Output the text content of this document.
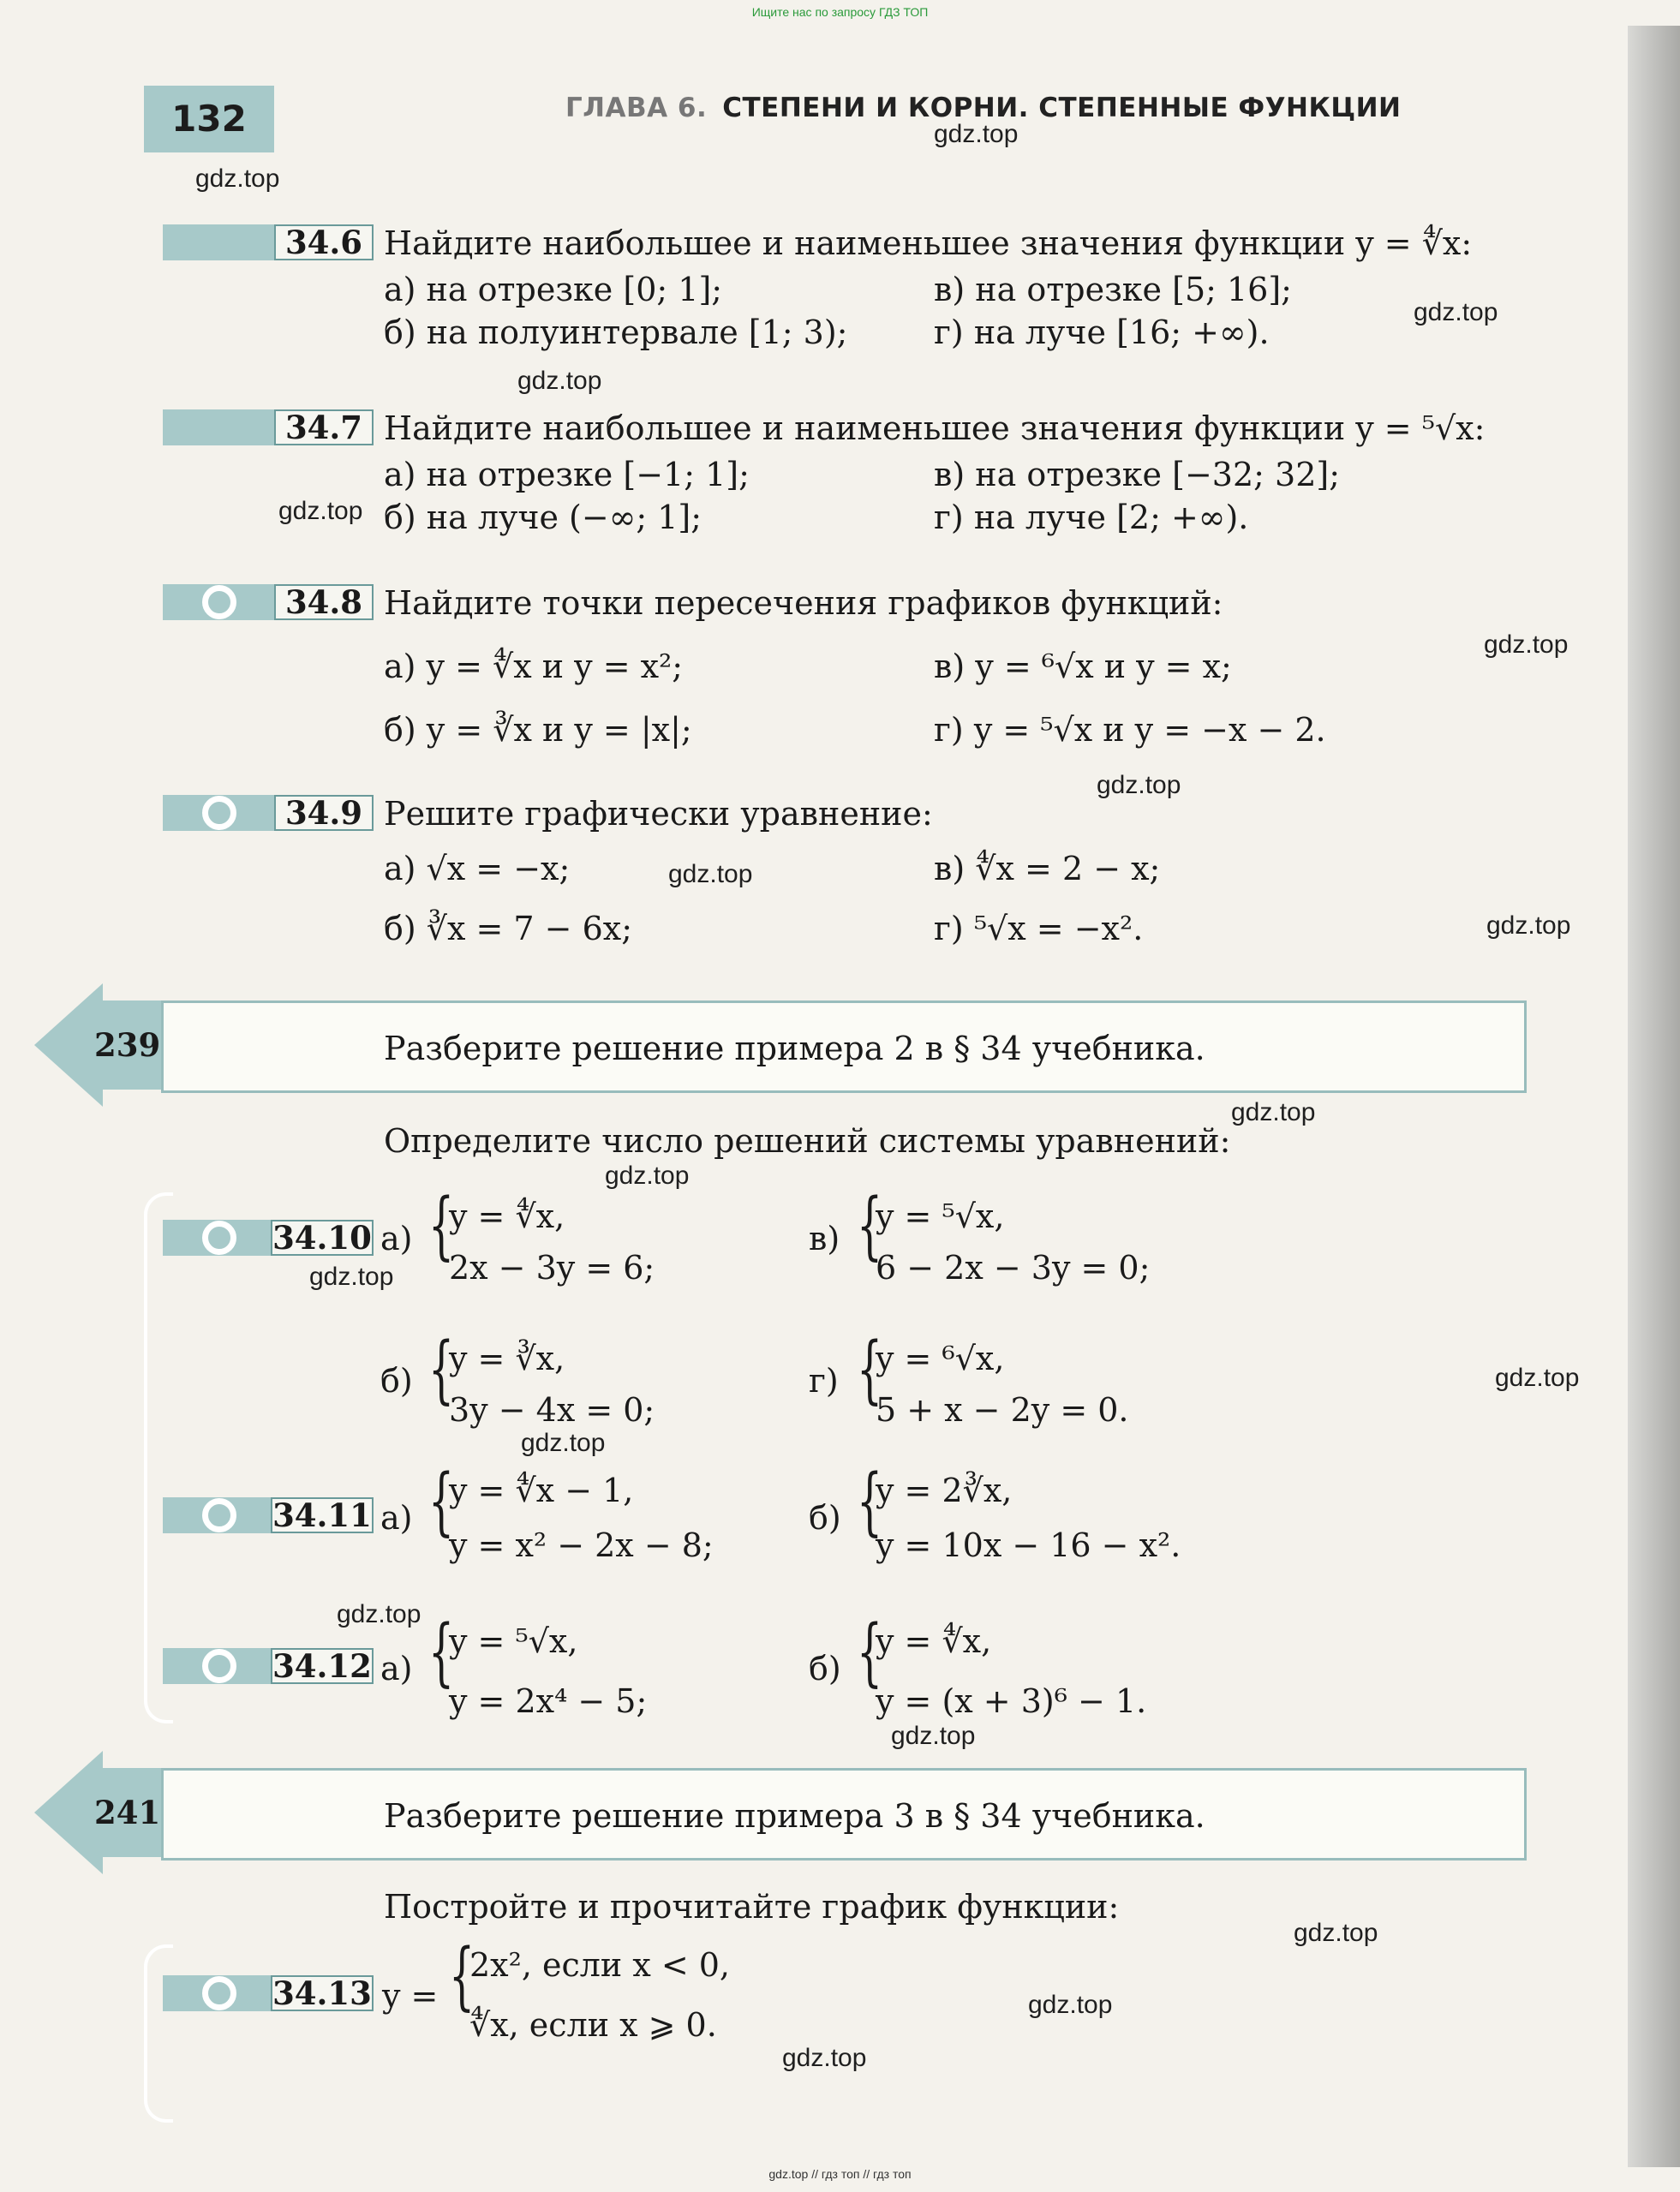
Ищите нас по запросу ГДЗ ТОП
132	ГЛАВА 6. СТЕПЕНИ И КОРНИ. СТЕПЕННЫЕ ФУНКЦИИ
gdz.top
gdz.top
gdz.top
gdz.top
gdz.top
gdz.top
gdz.top
gdz.top
gdz.top
gdz.top
gdz.top
gdz.top
gdz.top
gdz.top
gdz.top
gdz.top
gdz.top
gdz.top
gdz.top
34.6 Найдите наибольшее и наименьшее значения функции y = ∜x:
а) на отрезке [0; 1];
б) на полуинтервале [1; 3);
в) на отрезке [5; 16];
г) на луче [16; +∞).
34.7 Найдите наибольшее и наименьшее значения функции y = ⁵√x:
а) на отрезке [−1; 1];
б) на луче (−∞; 1];
в) на отрезке [−32; 32];
г) на луче [2; +∞).
34.8 Найдите точки пересечения графиков функций:
а) y = ∜x и y = x²;
б) y = ∛x и y = |x|;
в) y = ⁶√x и y = x;
г) y = ⁵√x и y = −x − 2.
34.9 Решите графически уравнение:
а) √x = −x;
б) ∛x = 7 − 6x;
в) ∜x = 2 − x;
г) ⁵√x = −x².
239	Разберите решение примера 2 в § 34 учебника.
Определите число решений системы уравнений:
34.10 а) {
y = ∜x,
2x − 3y = 6;
в) {
y = ⁵√x,
6 − 2x − 3y = 0;
б) {
y = ∛x,
3y − 4x = 0;
г) {
y = ⁶√x,
5 + x − 2y = 0.
34.11 а) {
y = ∜x − 1,
y = x² − 2x − 8;
б) {
y = 2∛x,
y = 10x − 16 − x².
34.12 а) {
y = ⁵√x,
y = 2x⁴ − 5;
б) {
y = ∜x,
y = (x + 3)⁶ − 1.
241	Разберите решение примера 3 в § 34 учебника.
Постройте и прочитайте график функции:
34.13 y = {
2x², если x < 0,
∜x, если x ⩾ 0.
gdz.top // гдз топ // гдз топ
